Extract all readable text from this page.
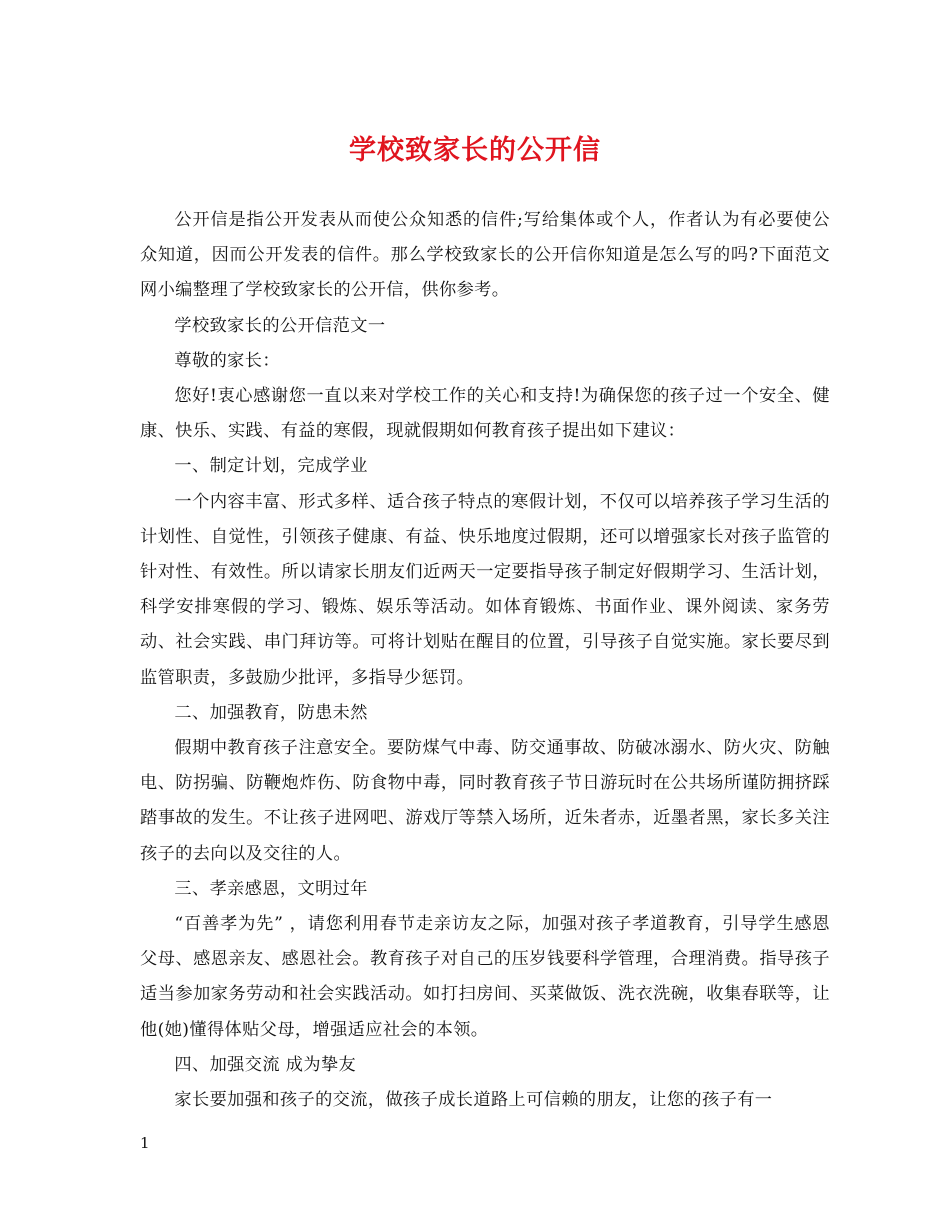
学校致家长的公开信

公开信是指公开发表从而使公众知悉的信件;写给集体或个人，作者认为有必要使公众知道，因而公开发表的信件。那么学校致家长的公开信你知道是怎么写的吗?下面范文网小编整理了学校致家长的公开信，供你参考。

学校致家长的公开信范文一

尊敬的家长：

您好!衷心感谢您一直以来对学校工作的关心和支持!为确保您的孩子过一个安全、健康、快乐、实践、有益的寒假，现就假期如何教育孩子提出如下建议：

一、制定计划，完成学业

一个内容丰富、形式多样、适合孩子特点的寒假计划，不仅可以培养孩子学习生活的计划性、自觉性，引领孩子健康、有益、快乐地度过假期，还可以增强家长对孩子监管的针对性、有效性。所以请家长朋友们近两天一定要指导孩子制定好假期学习、生活计划，科学安排寒假的学习、锻炼、娱乐等活动。如体育锻炼、书面作业、课外阅读、家务劳动、社会实践、串门拜访等。可将计划贴在醒目的位置，引导孩子自觉实施。家长要尽到监管职责，多鼓励少批评，多指导少惩罚。

二、加强教育，防患未然

假期中教育孩子注意安全。要防煤气中毒、防交通事故、防破冰溺水、防火灾、防触电、防拐骗、防鞭炮炸伤、防食物中毒，同时教育孩子节日游玩时在公共场所谨防拥挤踩踏事故的发生。不让孩子进网吧、游戏厅等禁入场所，近朱者赤，近墨者黑，家长多关注孩子的去向以及交往的人。

三、孝亲感恩，文明过年

“百善孝为先” ，请您利用春节走亲访友之际，加强对孩子孝道教育，引导学生感恩父母、感恩亲友、感恩社会。教育孩子对自己的压岁钱要科学管理，合理消费。指导孩子适当参加家务劳动和社会实践活动。如打扫房间、买菜做饭、洗衣洗碗，收集春联等，让他(她)懂得体贴父母，增强适应社会的本领。

四、加强交流 成为挚友

家长要加强和孩子的交流，做孩子成长道路上可信赖的朋友，让您的孩子有一

1
